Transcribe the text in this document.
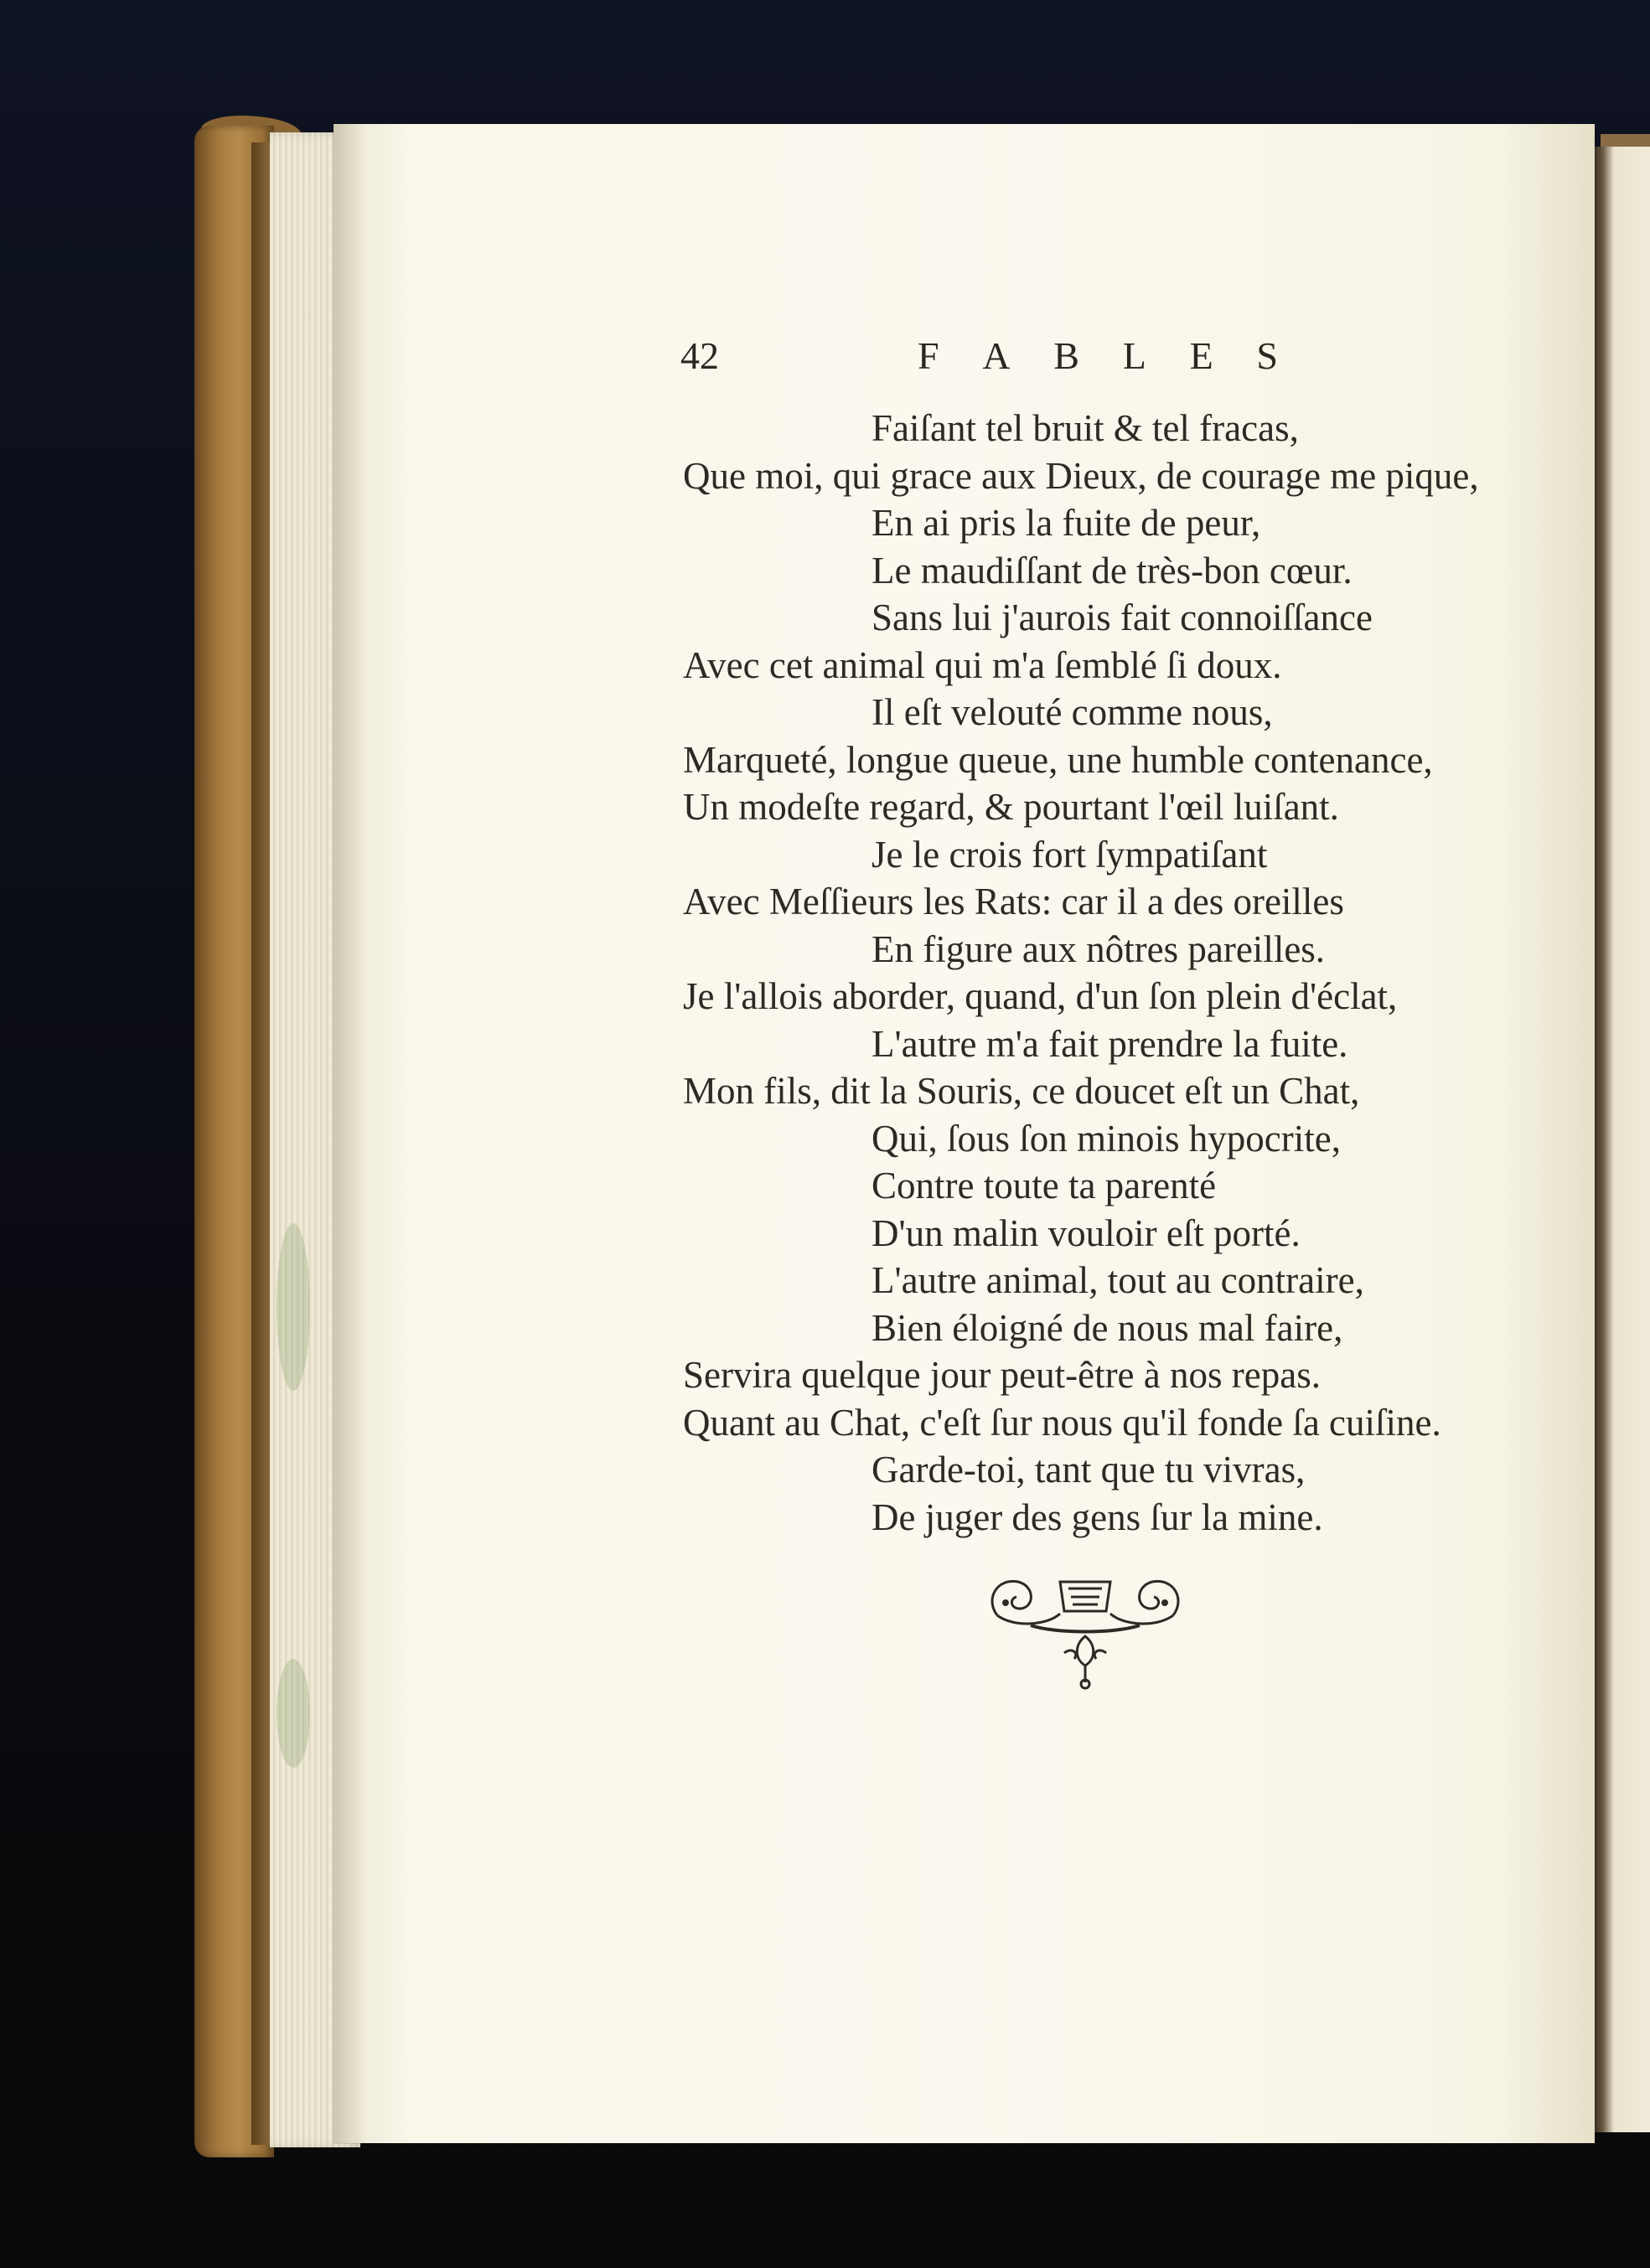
42	F A B L E S
Faiſant tel bruit & tel fracas,
Que moi, qui grace aux Dieux, de courage me pique,
En ai pris la fuite de peur,
Le maudiſſant de très-bon cœur.
Sans lui j'aurois fait connoiſſance
Avec cet animal qui m'a ſemblé ſi doux.
Il eſt velouté comme nous,
Marqueté, longue queue, une humble contenance,
Un modeſte regard, & pourtant l'œil luiſant.
Je le crois fort ſympatiſant
Avec Meſſieurs les Rats: car il a des oreilles
En figure aux nôtres pareilles.
Je l'allois aborder, quand, d'un ſon plein d'éclat,
L'autre m'a fait prendre la fuite.
Mon fils, dit la Souris, ce doucet eſt un Chat,
Qui, ſous ſon minois hypocrite,
Contre toute ta parenté
D'un malin vouloir eſt porté.
L'autre animal, tout au contraire,
Bien éloigné de nous mal faire,
Servira quelque jour peut-être à nos repas.
Quant au Chat, c'eſt ſur nous qu'il fonde ſa cuiſine.
Garde-toi, tant que tu vivras,
De juger des gens ſur la mine.
